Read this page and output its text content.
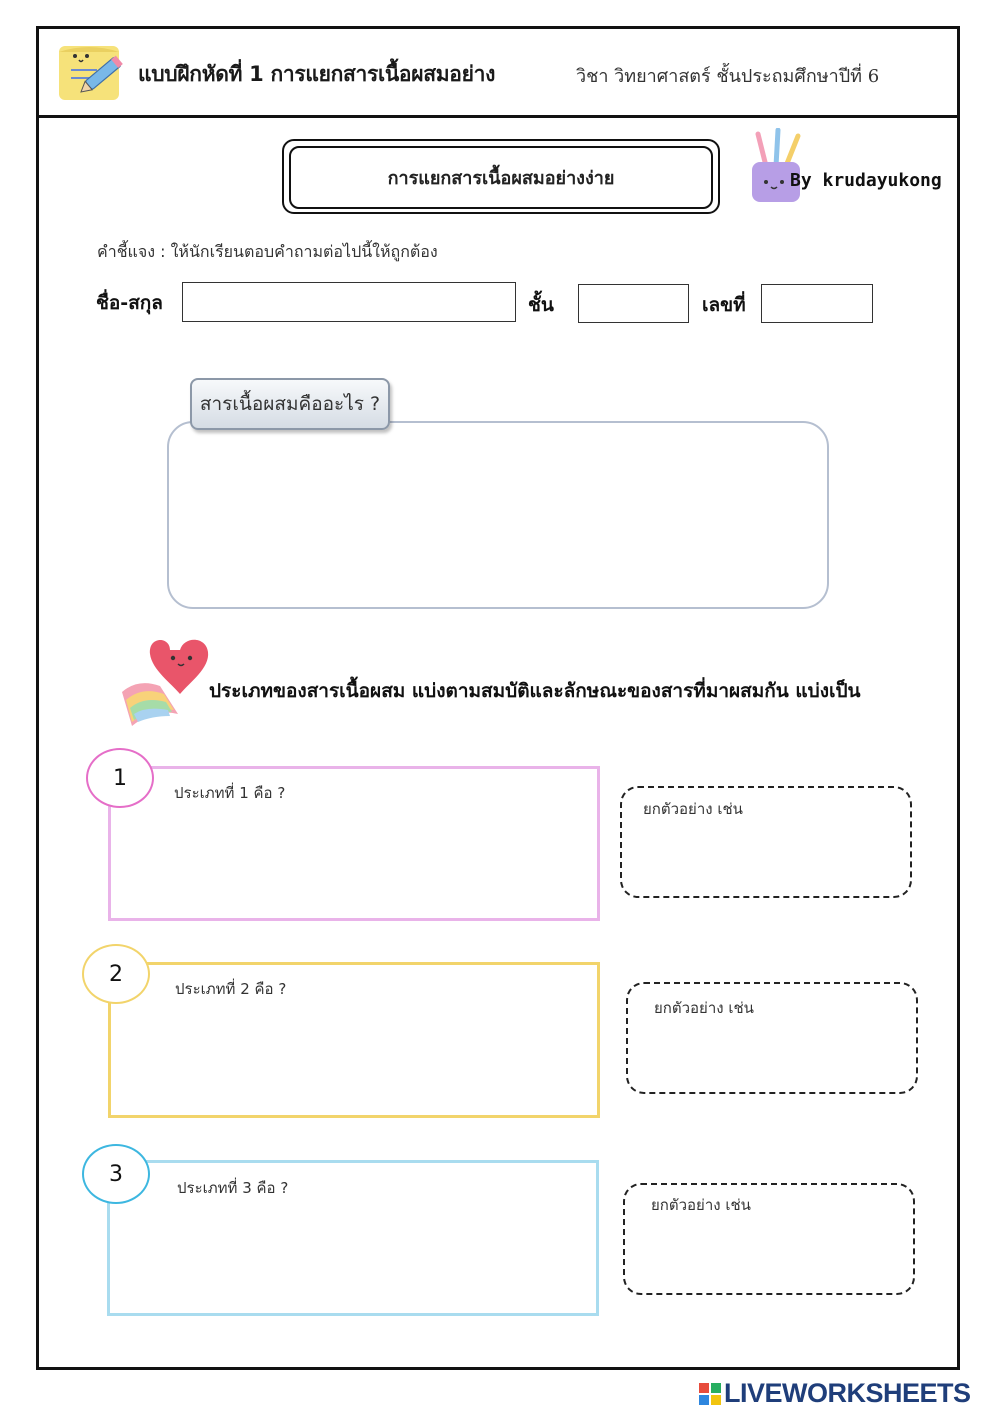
แบบฝึกหัดที่ 1 การแยกสารเนื้อผสมอย่าง	วิชา วิทยาศาสตร์ ชั้นประถมศึกษาปีที่ 6
การแยกสารเนื้อผสมอย่างง่าย	By krudayukong
คำชี้แจง : ให้นักเรียนตอบคำถามต่อไปนี้ให้ถูกต้อง
ชื่อ-สกุล	ชั้น	เลขที่
สารเนื้อผสมคืออะไร ?
ประเภทของสารเนื้อผสม แบ่งตามสมบัติและลักษณะของสารที่มาผสมกัน แบ่งเป็น
1
ประเภทที่ 1 คือ ?
ยกตัวอย่าง เช่น
2
ประเภทที่ 2 คือ ?
ยกตัวอย่าง เช่น
3
ประเภทที่ 3 คือ ?
ยกตัวอย่าง เช่น
LIVEWORKSHEETS
